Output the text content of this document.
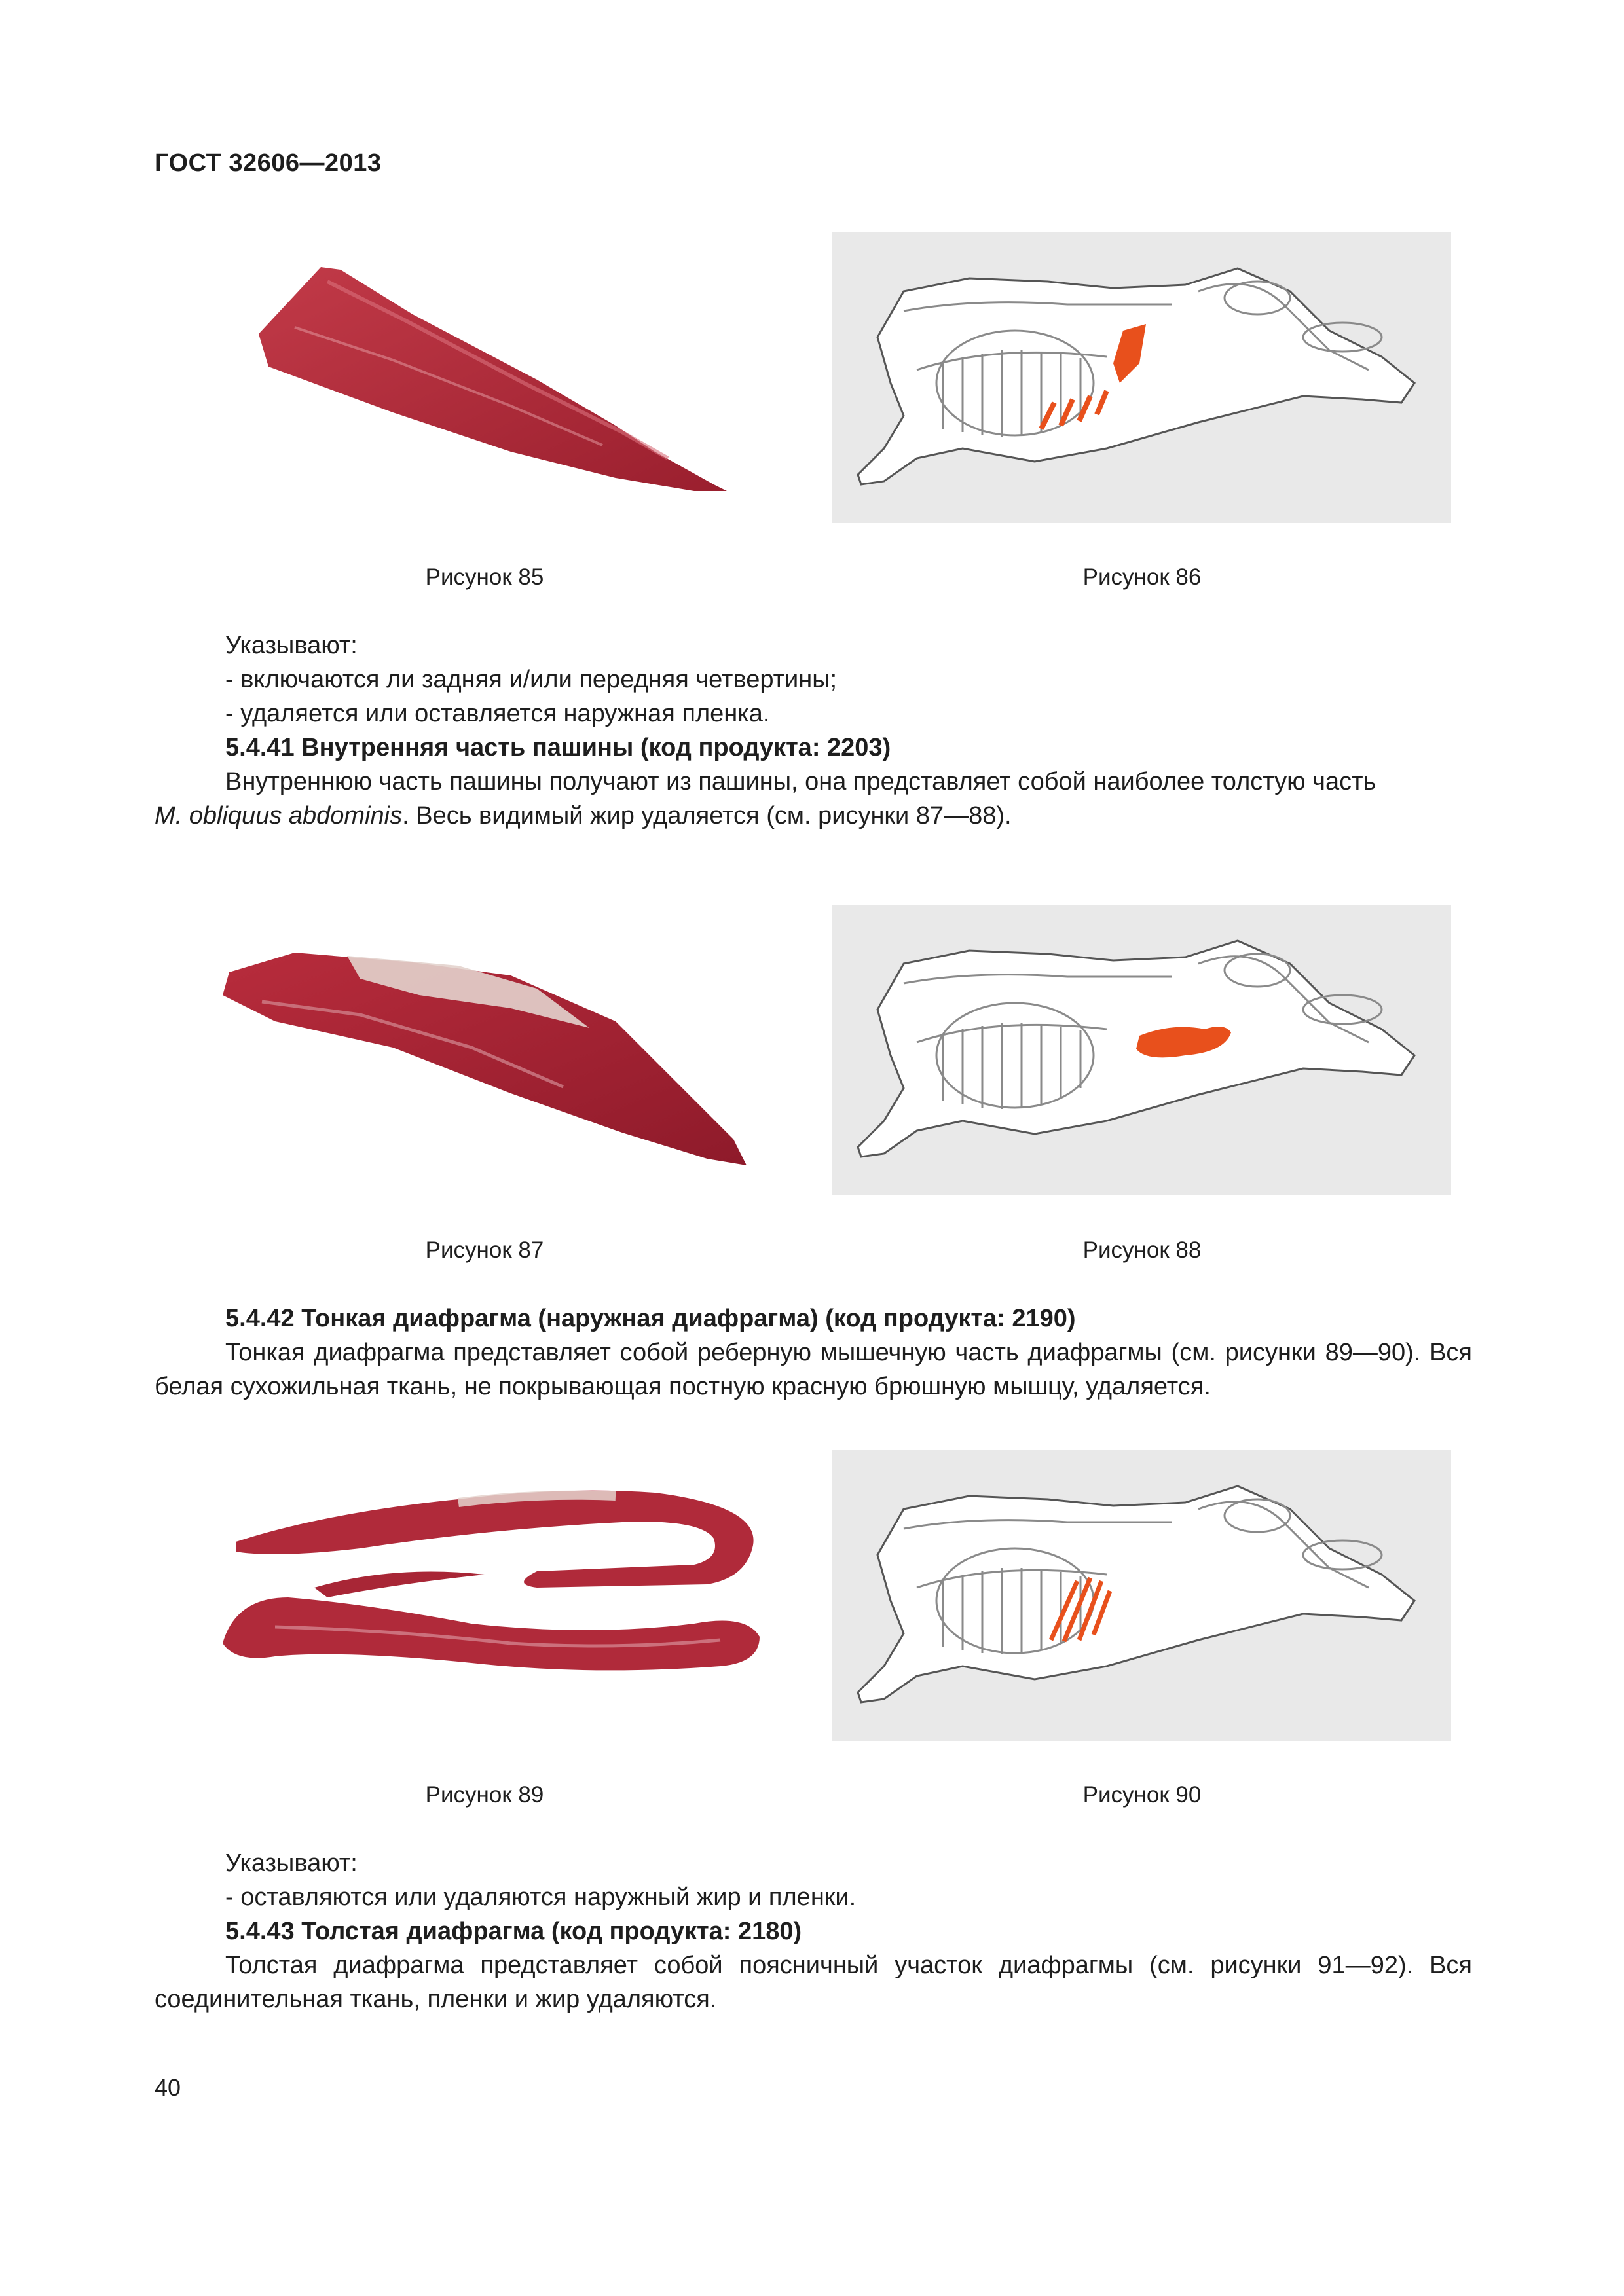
ГОСТ 32606—2013
Рисунок 85	Рисунок 86

Указывают:

- включаются ли задняя и/или передняя четвертины;

- удаляется или оставляется наружная пленка.

5.4.41 Внутренняя часть пашины (код продукта: 2203)

Внутреннюю часть пашины получают из пашины, она представляет собой наиболее толстую часть
M. obliquus abdominis. Весь видимый жир удаляется (см. рисунки 87—88).

Рисунок 87	Рисунок 88

5.4.42 Тонкая диафрагма (наружная диафрагма) (код продукта: 2190)

Тонкая диафрагма представляет собой реберную мышечную часть диафрагмы (см. рисунки 89—90). Вся белая сухожильная ткань, не покрывающая постную красную брюшную мышцу, удаляется.

Рисунок 89	Рисунок 90

Указывают:

- оставляются или удаляются наружный жир и пленки.

5.4.43 Толстая диафрагма (код продукта: 2180)

Толстая диафрагма представляет собой поясничный участок диафрагмы (см. рисунки 91—92). Вся соединительная ткань, пленки и жир удаляются.

40
